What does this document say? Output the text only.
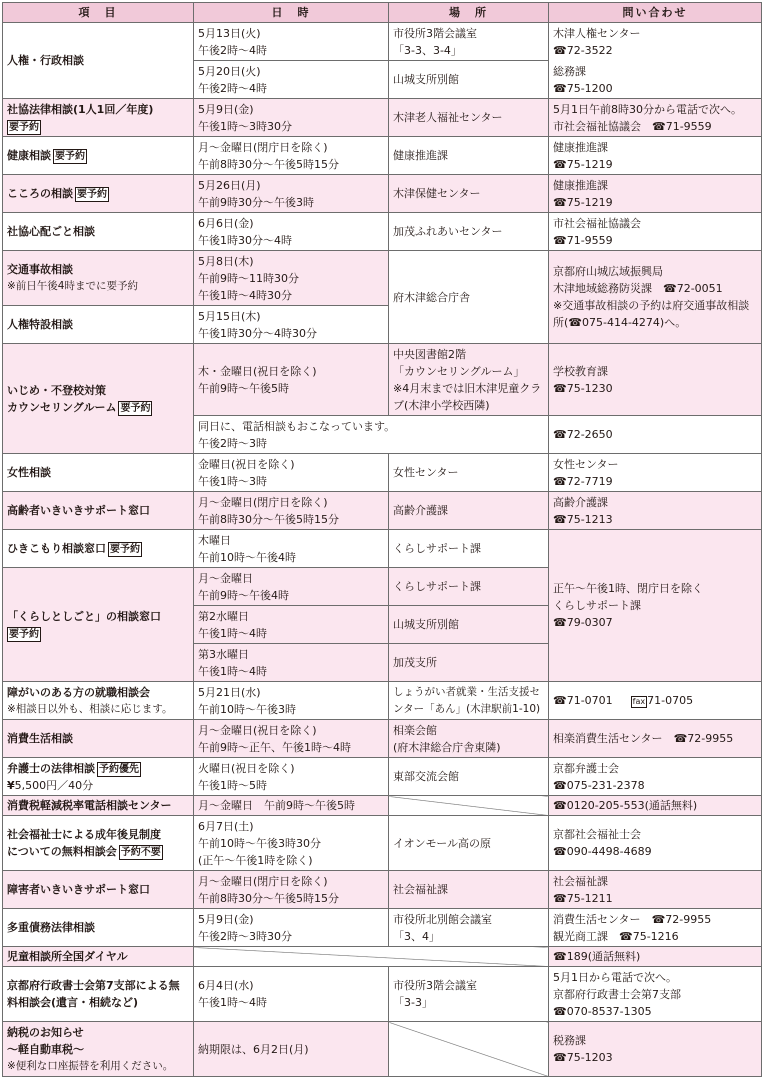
項　目	日　時	場　所	問い合わせ
人権・行政相談	5月13日(火)
午後2時～4時	市役所3階会議室
「3-3、3-4」	木津人権センター
☎ 72-3522
総務課
☎ 75-1200

	5月20日(火)
午後2時～4時	山城支所別館	

社協法律相談(1人1回／年度)
要予約	5月9日(金)
午後1時～3時30分	木津老人福祉センター	5月1日午前8時30分から電話で次へ。
市社会福祉協議会　 ☎ 71-9559

健康相談 要予約	月～金曜日(閉庁日を除く)
午前8時30分～午後5時15分	健康推進課	健康推進課
☎ 75-1219

こころの相談 要予約	5月26日(月)
午前9時30分～午後3時	木津保健センター	健康推進課
☎ 75-1219

社協心配ごと相談	6月6日(金)
午後1時30分～4時	加茂ふれあいセンター	市社会福祉協議会
☎ 71-9559

交通事故相談
※前日午後4時までに要予約	5月8日(木)
午前9時～11時30分
午後1時～4時30分	府木津総合庁舎	京都府山城広域振興局
木津地域総務防災課　 ☎ 72-0051
※交通事故相談の予約は府交通事故相談所( ☎ 075-414-4274)へ。

人権特設相談	5月15日(木)
午後1時30分～4時30分		

いじめ・不登校対策
カウンセリングルーム 要予約	木・金曜日(祝日を除く)
午前9時～午後5時	中央図書館2階
「カウンセリングルーム」
※4月末までは旧木津児童クラブ(木津小学校西隣)	学校教育課
☎ 75-1230

	同日に、電話相談もおこなっています。
午後2時～3時
	☎ 72-2650
女性相談	金曜日(祝日を除く)
午後1時～3時	女性センター	女性センター
☎ 72-7719

高齢者いきいきサポート窓口	月～金曜日(閉庁日を除く)
午前8時30分～午後5時15分	高齢介護課	高齢介護課
☎ 75-1213

ひきこもり相談窓口 要予約	木曜日
午前10時～午後4時	くらしサポート課	正午～午後1時、閉庁日を除く
くらしサポート課
☎ 79-0307

「くらしとしごと」の相談窓口
要予約	月～金曜日
午前9時～午後4時	くらしサポート課	

	第2水曜日
午後1時～4時	山城支所別館	

	第3水曜日
午後1時～4時	加茂支所	

障がいのある方の就職相談会
※相談日以外も、相談に応じます。	5月21日(水)
午前10時～午後3時	しょうがい者就業・生活支援センター「あん」(木津駅前1-10)
	☎ 71-0701 fax 71-0705
消費生活相談	月～金曜日(祝日を除く)
午前9時～正午、午後1時～4時	相楽会館
(府木津総合庁舎東隣)	相楽消費生活センター　 ☎ 72-9955

弁護士の法律相談 予約優先
¥ 5,500円／40分	火曜日(祝日を除く)
午後1時～5時	東部交流会館	京都弁護士会
☎ 075-231-2378

消費税軽減税率電話相談センター	月～金曜日　午前9時～午後5時		☎0120-205-553(通話無料)

社会福祉士による成年後見制度
についての無料相談会 予約不要	6月7日(土)
午前10時～午後3時30分
(正午～午後1時を除く)	イオンモール高の原	京都社会福祉士会
☎ 090-4498-4689

障害者いきいきサポート窓口	月～金曜日(閉庁日を除く)
午前8時30分～午後5時15分	社会福祉課	社会福祉課
☎ 75-1211

多重債務法律相談	5月9日(金)
午後2時～3時30分	市役所北別館会議室
「3、4」	消費生活センター　 ☎ 72-9955
観光商工課　 ☎ 75-1216

児童相談所全国ダイヤル		☎189(通話無料)

京都府行政書士会第7支部による無料相談会(遺言・相続など)	6月4日(水)
午後1時～4時	市役所3階会議室
「3-3」	5月1日から電話で次へ。
京都府行政書士会第7支部
☎ 070-8537-1305

納税のお知らせ
～軽自動車税～
※便利な口座振替を利用ください。	納期限は、6月2日(月)		税務課
☎ 75-1203
